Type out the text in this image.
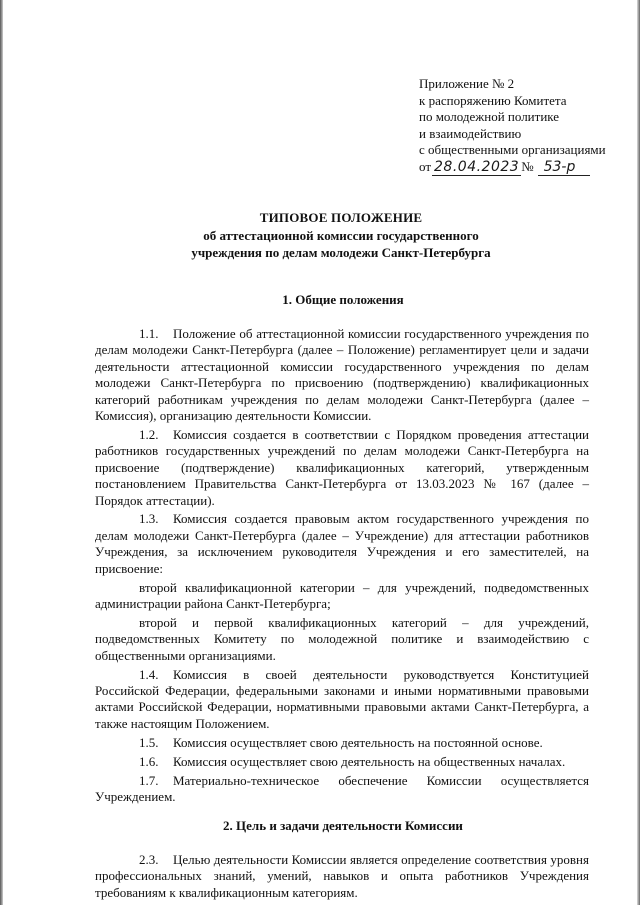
Приложение № 2
к распоряжению Комитета
по молодежной политике
и взаимодействию
с общественными организациями
от 28.04.2023 № 53-р
ТИПОВОЕ ПОЛОЖЕНИЕ
об аттестационной комиссии государственного
учреждения по делам молодежи Санкт-Петербурга
1. Общие положения

1.1. Положение об аттестационной комиссии государственного учреждения по делам молодежи Санкт-Петербурга (далее – Положение) регламентирует цели и задачи деятельности аттестационной комиссии государственного учреждения по делам молодежи Санкт-Петербурга по присвоению (подтверждению) квалификационных категорий работникам учреждения по делам молодежи Санкт-Петербурга (далее – Комиссия), организацию деятельности Комиссии.

1.2. Комиссия создается в соответствии с Порядком проведения аттестации работников государственных учреждений по делам молодежи Санкт-Петербурга на присвоение (подтверждение) квалификационных категорий, утвержденным постановлением Правительства Санкт-Петербурга от 13.03.2023 № 167 (далее – Порядок аттестации).

1.3. Комиссия создается правовым актом государственного учреждения по делам молодежи Санкт-Петербурга (далее – Учреждение) для аттестации работников Учреждения, за исключением руководителя Учреждения и его заместителей, на присвоение:

второй квалификационной категории – для учреждений, подведомственных администрации района Санкт-Петербурга;

второй и первой квалификационных категорий – для учреждений, подведомственных Комитету по молодежной политике и взаимодействию с общественными организациями.

1.4. Комиссия в своей деятельности руководствуется Конституцией Российской Федерации, федеральными законами и иными нормативными правовыми актами Российской Федерации, нормативными правовыми актами Санкт-Петербурга, а также настоящим Положением.

1.5. Комиссия осуществляет свою деятельность на постоянной основе.

1.6. Комиссия осуществляет свою деятельность на общественных началах.

1.7. Материально-техническое обеспечение Комиссии осуществляется Учреждением.

2. Цель и задачи деятельности Комиссии

2.3. Целью деятельности Комиссии является определение соответствия уровня профессиональных знаний, умений, навыков и опыта работников Учреждения требованиям к квалификационным категориям.
